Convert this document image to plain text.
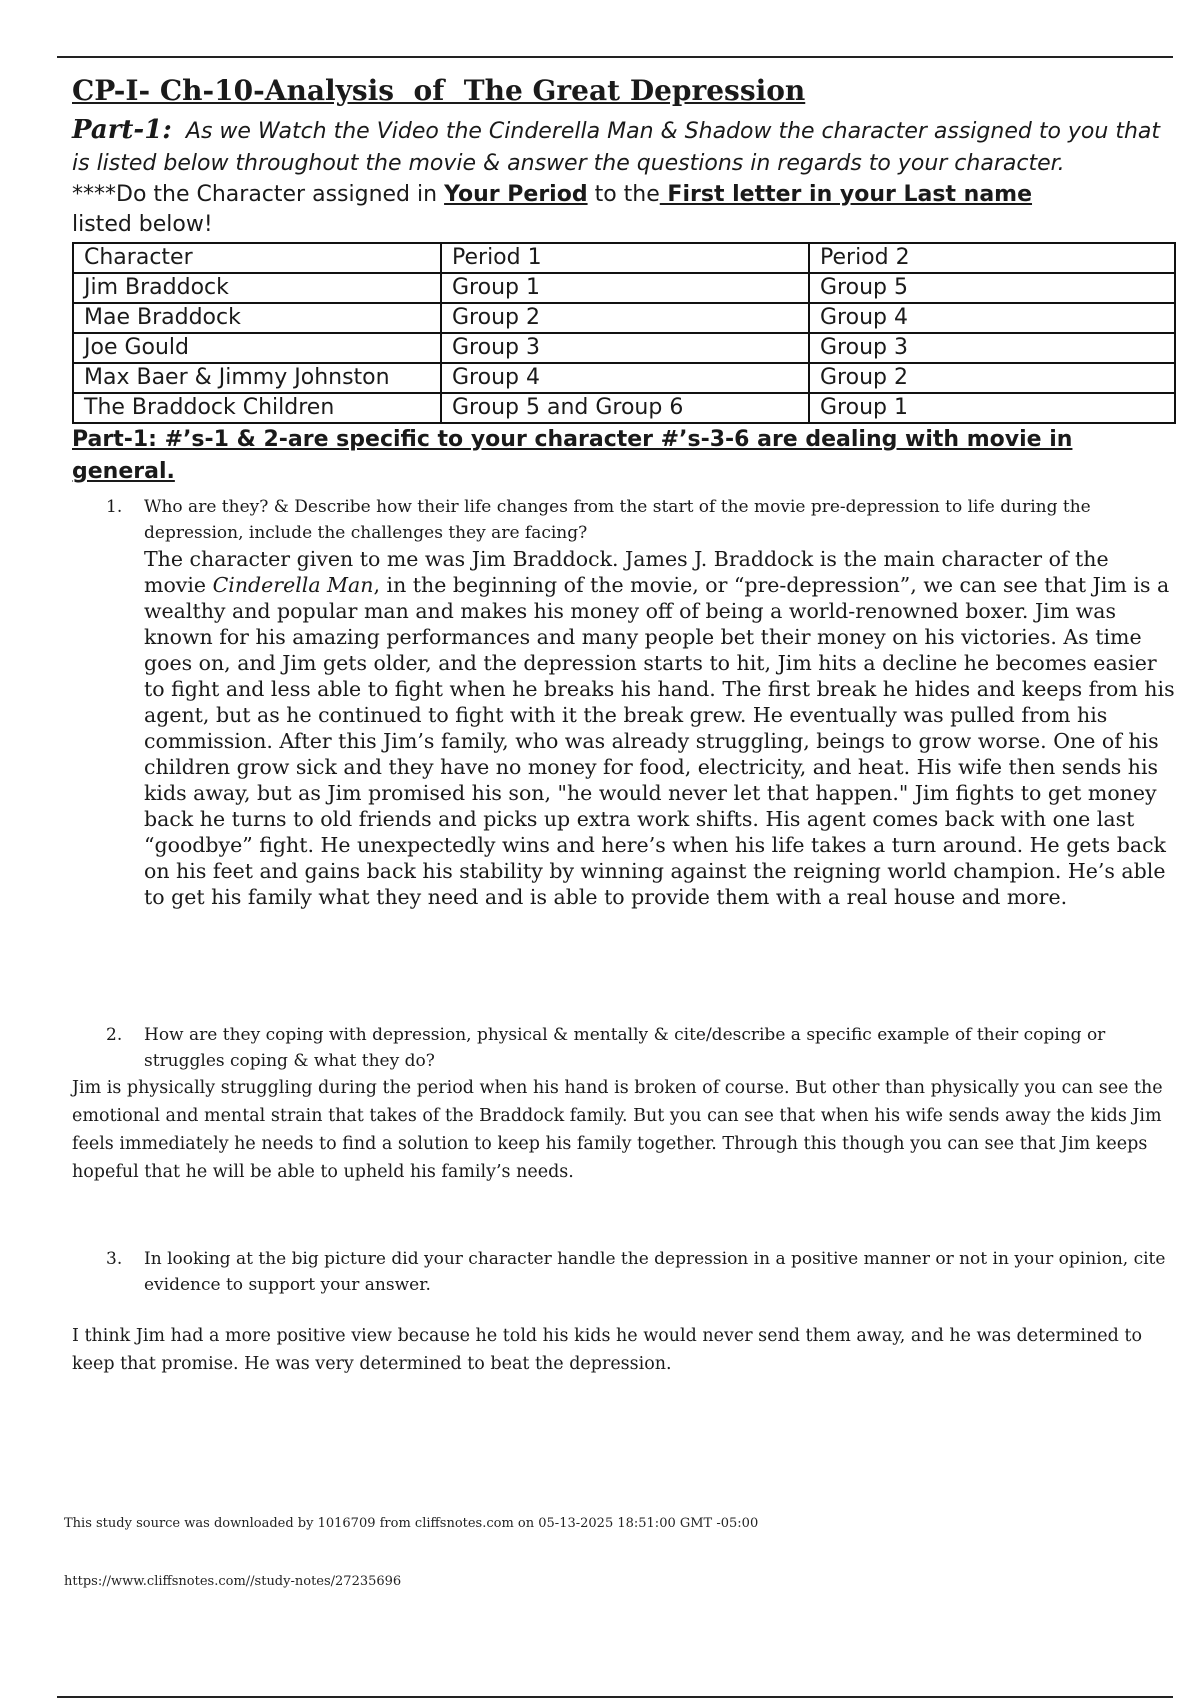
CP-I- Ch-10-Analysis  of  The Great Depression

Part-1: As we Watch the Video the Cinderella Man & Shadow the character assigned to you that is listed below throughout the movie & answer the questions in regards to your character.

****Do the Character assigned in Your Period to the First letter in your Last name
listed below!

Character	Period 1	Period 2
Jim Braddock	Group 1	Group 5
Mae Braddock	Group 2	Group 4
Joe Gould	Group 3	Group 3
Max Baer & Jimmy Johnston	Group 4	Group 2
The Braddock Children	Group 5 and Group 6	Group 1

Part-1: #’s-1 & 2-are specific to your character #’s-3-6 are dealing with movie in general.

1.	Who are they? & Describe how their life changes from the start of the movie pre-depression to life during the depression, include the challenges they are facing?

The character given to me was Jim Braddock. James J. Braddock is the main character of the movie Cinderella Man, in the beginning of the movie, or “pre-depression”, we can see that Jim is a wealthy and popular man and makes his money off of being a world-renowned boxer. Jim was known for his amazing performances and many people bet their money on his victories. As time goes on, and Jim gets older, and the depression starts to hit, Jim hits a decline he becomes easier to fight and less able to fight when he breaks his hand. The first break he hides and keeps from his agent, but as he continued to fight with it the break grew. He eventually was pulled from his commission. After this Jim’s family, who was already struggling, beings to grow worse. One of his children grow sick and they have no money for food, electricity, and heat. His wife then sends his kids away, but as Jim promised his son, "he would never let that happen." Jim fights to get money back he turns to old friends and picks up extra work shifts. His agent comes back with one last “goodbye” fight. He unexpectedly wins and here’s when his life takes a turn around. He gets back on his feet and gains back his stability by winning against the reigning world champion. He’s able to get his family what they need and is able to provide them with a real house and more.

2.	How are they coping with depression, physical & mentally & cite/describe a specific example of their coping or struggles coping & what they do?

Jim is physically struggling during the period when his hand is broken of course. But other than physically you can see the emotional and mental strain that takes of the Braddock family. But you can see that when his wife sends away the kids Jim feels immediately he needs to find a solution to keep his family together. Through this though you can see that Jim keeps hopeful that he will be able to upheld his family’s needs.

3.	In looking at the big picture did your character handle the depression in a positive manner or not in your opinion, cite evidence to support your answer.

I think Jim had a more positive view because he told his kids he would never send them away, and he was determined to keep that promise. He was very determined to beat the depression.

This study source was downloaded by 1016709 from cliffsnotes.com on 05-13-2025 18:51:00 GMT -05:00
https://www.cliffsnotes.com//study-notes/27235696
